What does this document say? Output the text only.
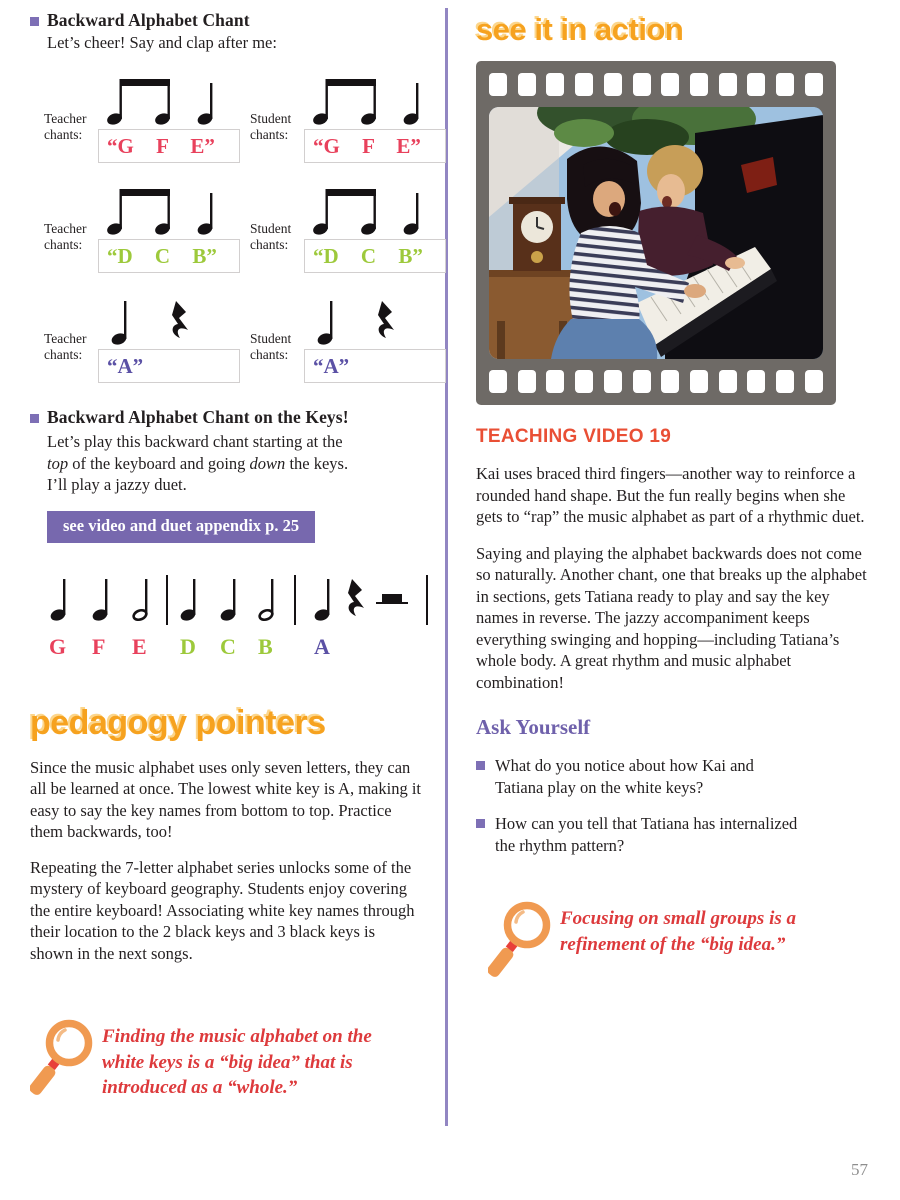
Backward Alphabet Chant
Let’s cheer! Say and clap after me:
Teacher
chants:	“G F E”
Student
chants:	“G F E”
Teacher
chants:	“D C B”
Student
chants:	“D C B”
Teacher
chants:	“A”
Student
chants:	“A”
Backward Alphabet Chant on the Keys!
Let’s play this backward chant starting at the top of the keyboard and going down the keys. I’ll play a jazzy duet.
see video and duet appendix p. 25
G F E D C B A
pedagogy pointers

Since the music alphabet uses only seven letters, they can all be learned at once. The lowest white key is A, making it easy to say the key names from bottom to top. Practice them backwards, too!

Repeating the 7-letter alphabet series unlocks some of the mystery of keyboard geography. Students enjoy covering the entire keyboard! Associating white key names through their location to the 2 black keys and 3 black keys is shown in the next songs.

Finding the music alphabet on the white keys is a “big idea” that is introduced as a “whole.”
see it in action
TEACHING VIDEO 19

Kai uses braced third fingers—another way to reinforce a rounded hand shape. But the fun really begins when she gets to “rap” the music alphabet as part of a rhythmic duet.

Saying and playing the alphabet backwards does not come so naturally. Another chant, one that breaks up the alphabet in sections, gets Tatiana ready to play and say the key names in reverse. The jazzy accompaniment keeps everything swinging and hopping—including Tatiana’s whole body. A great rhythm and music alphabet combination!

Ask Yourself
What do you notice about how Kai and Tatiana play on the white keys?
How can you tell that Tatiana has internalized the rhythm pattern?
Focusing on small groups is a refinement of the “big idea.”
57
